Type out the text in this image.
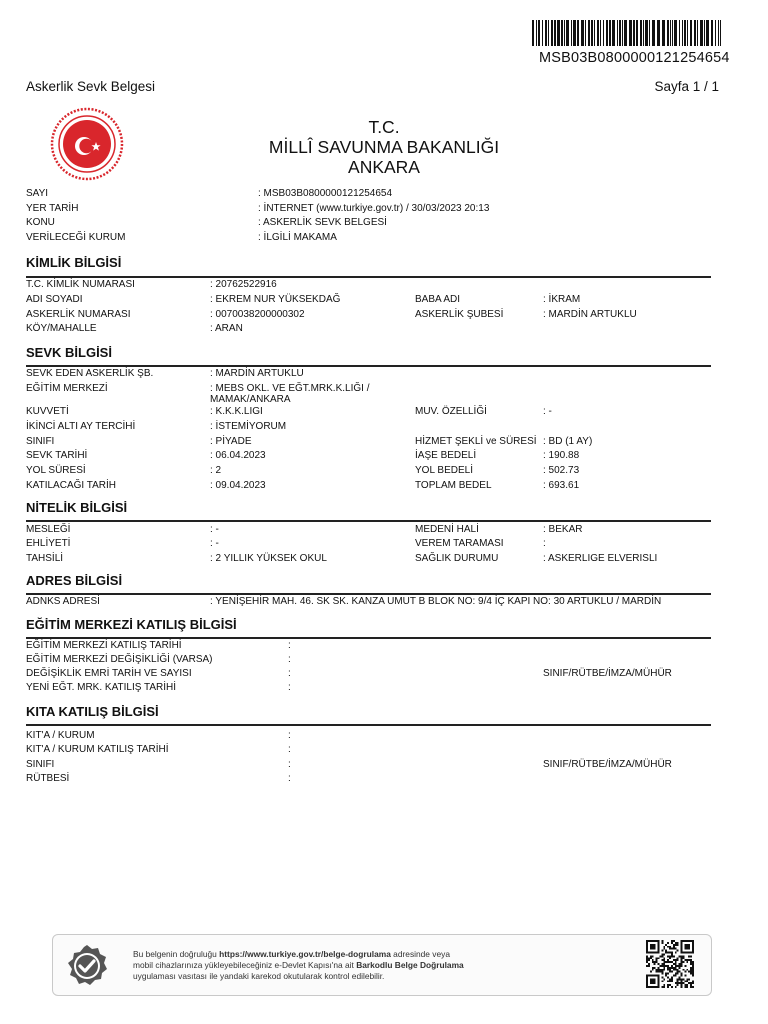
MSB03B0800000121254654
Askerlik Sevk Belgesi	Sayfa 1 / 1
T.C.
MİLLÎ SAVUNMA BAKANLIĞI
ANKARA
SAYI	: MSB03B0800000121254654
YER TARİH	: İNTERNET (www.turkiye.gov.tr) / 30/03/2023 20:13
KONU	: ASKERLİK SEVK BELGESİ
VERİLECEĞİ KURUM	: İLGİLİ MAKAMA
KİMLİK BİLGİSİ
T.C. KİMLİK NUMARASI	: 20762522916
ADI SOYADI	: EKREM NUR YÜKSEKDAĞ	BABA ADI	: İKRAM
ASKERLİK NUMARASI	: 0070038200000302	ASKERLİK ŞUBESİ	: MARDİN ARTUKLU
KÖY/MAHALLE	: ARAN
SEVK BİLGİSİ
SEVK EDEN ASKERLİK ŞB.	: MARDİN ARTUKLU
EĞİTİM MERKEZİ	: MEBS OKL. VE EĞT.MRK.K.LIĞI /
MAMAK/ANKARA
KUVVETİ	: K.K.K.LIGI	MUV. ÖZELLİĞİ	: -
İKİNCİ ALTI AY TERCİHİ	: İSTEMİYORUM
SINIFI	: PİYADE	HİZMET ŞEKLİ ve SÜRESİ : BD (1 AY)
SEVK TARİHİ	: 06.04.2023	İAŞE BEDELİ	: 190.88
YOL SÜRESİ	: 2	YOL BEDELİ	: 502.73
KATILACAĞI TARİH	: 09.04.2023	TOPLAM BEDEL	: 693.61
NİTELİK BİLGİSİ
MESLEĞİ	: -	MEDENİ HALİ	: BEKAR
EHLİYETİ	: -	VEREM TARAMASI	:
TAHSİLİ	: 2 YILLIK YÜKSEK OKUL	SAĞLIK DURUMU	: ASKERLIGE ELVERISLI
ADRES BİLGİSİ
ADNKS ADRESİ	: YENİŞEHİR MAH. 46. SK SK. KANZA UMUT B BLOK NO: 9/4 İÇ KAPI NO: 30 ARTUKLU / MARDİN
EĞİTİM MERKEZİ KATILIŞ BİLGİSİ
EĞİTİM MERKEZİ KATILIŞ TARİHİ	:
EĞİTİM MERKEZİ DEĞİŞİKLİĞİ (VARSA)	:
DEĞİŞİKLİK EMRİ TARİH VE SAYISI	:	SINIF/RÜTBE/İMZA/MÜHÜR
YENİ EĞT. MRK. KATILIŞ TARİHİ	:
KITA KATILIŞ BİLGİSİ
KIT'A / KURUM	:
KIT'A / KURUM KATILIŞ TARİHİ	:
SINIFI	:	SINIF/RÜTBE/İMZA/MÜHÜR
RÜTBESİ	:
Bu belgenin doğruluğu https://www.turkiye.gov.tr/belge-dogrulama adresinde veya
mobil cihazlarınıza yükleyebileceğiniz e-Devlet Kapısı'na ait Barkodlu Belge Doğrulama
uygulaması vasıtası ile yandaki karekod okutularak kontrol edilebilir.
